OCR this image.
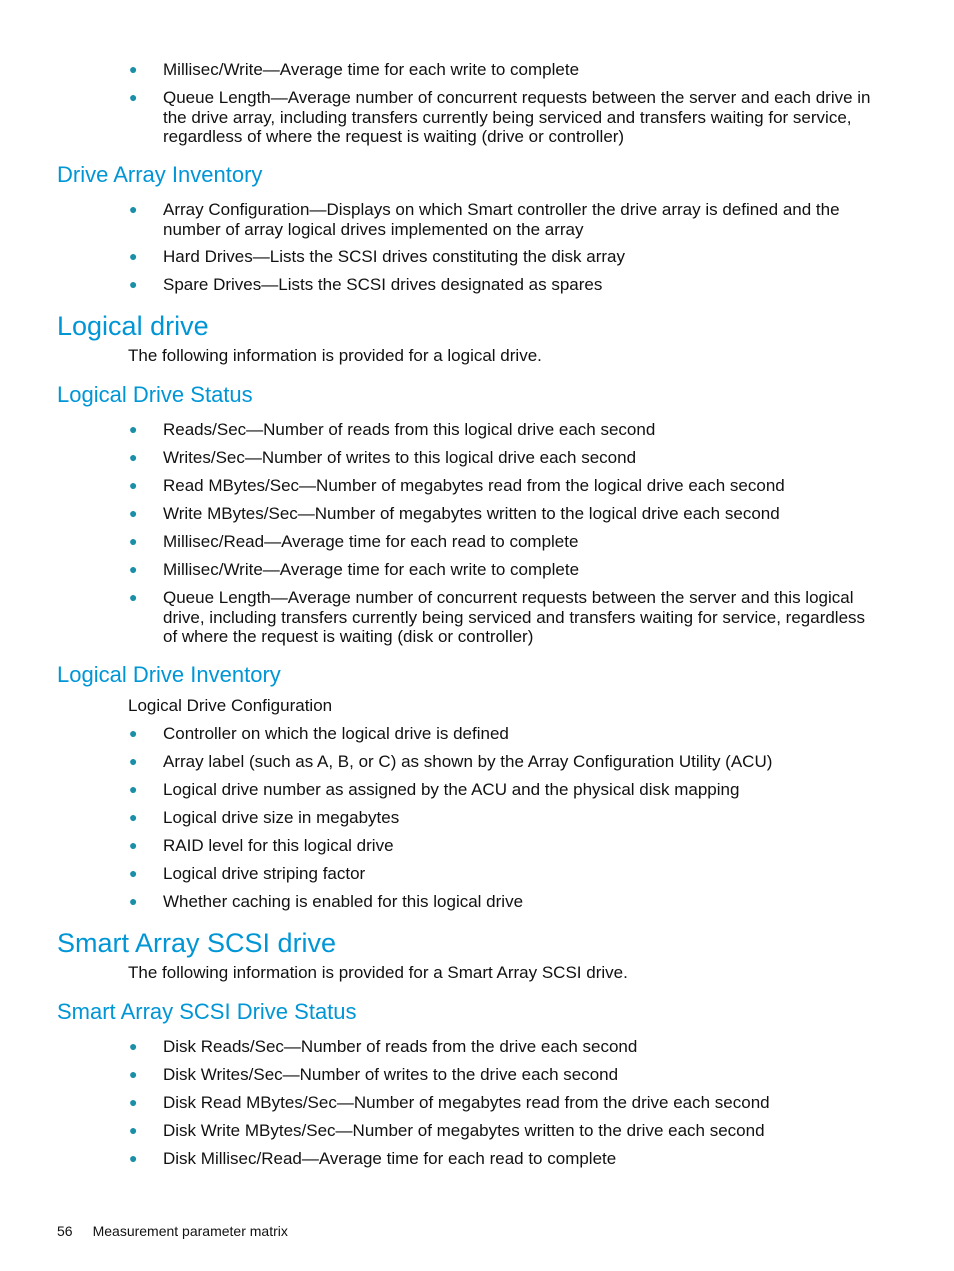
● Millisec/Write—Average time for each write to complete
● Queue Length—Average number of concurrent requests between the server and each drive in the drive array, including transfers currently being serviced and transfers waiting for service, regardless of where the request is waiting (drive or controller)
Drive Array Inventory
● Array Configuration—Displays on which Smart controller the drive array is defined and the number of array logical drives implemented on the array
● Hard Drives—Lists the SCSI drives constituting the disk array
● Spare Drives—Lists the SCSI drives designated as spares
Logical drive
The following information is provided for a logical drive.
Logical Drive Status
● Reads/Sec—Number of reads from this logical drive each second
● Writes/Sec—Number of writes to this logical drive each second
● Read MBytes/Sec—Number of megabytes read from the logical drive each second
● Write MBytes/Sec—Number of megabytes written to the logical drive each second
● Millisec/Read—Average time for each read to complete
● Millisec/Write—Average time for each write to complete
● Queue Length—Average number of concurrent requests between the server and this logical drive, including transfers currently being serviced and transfers waiting for service, regardless of where the request is waiting (disk or controller)
Logical Drive Inventory
Logical Drive Configuration
● Controller on which the logical drive is defined
● Array label (such as A, B, or C) as shown by the Array Configuration Utility (ACU)
● Logical drive number as assigned by the ACU and the physical disk mapping
● Logical drive size in megabytes
● RAID level for this logical drive
● Logical drive striping factor
● Whether caching is enabled for this logical drive
Smart Array SCSI drive
The following information is provided for a Smart Array SCSI drive.
Smart Array SCSI Drive Status
● Disk Reads/Sec—Number of reads from the drive each second
● Disk Writes/Sec—Number of writes to the drive each second
● Disk Read MBytes/Sec—Number of megabytes read from the drive each second
● Disk Write MBytes/Sec—Number of megabytes written to the drive each second
● Disk Millisec/Read—Average time for each read to complete
56 Measurement parameter matrix
